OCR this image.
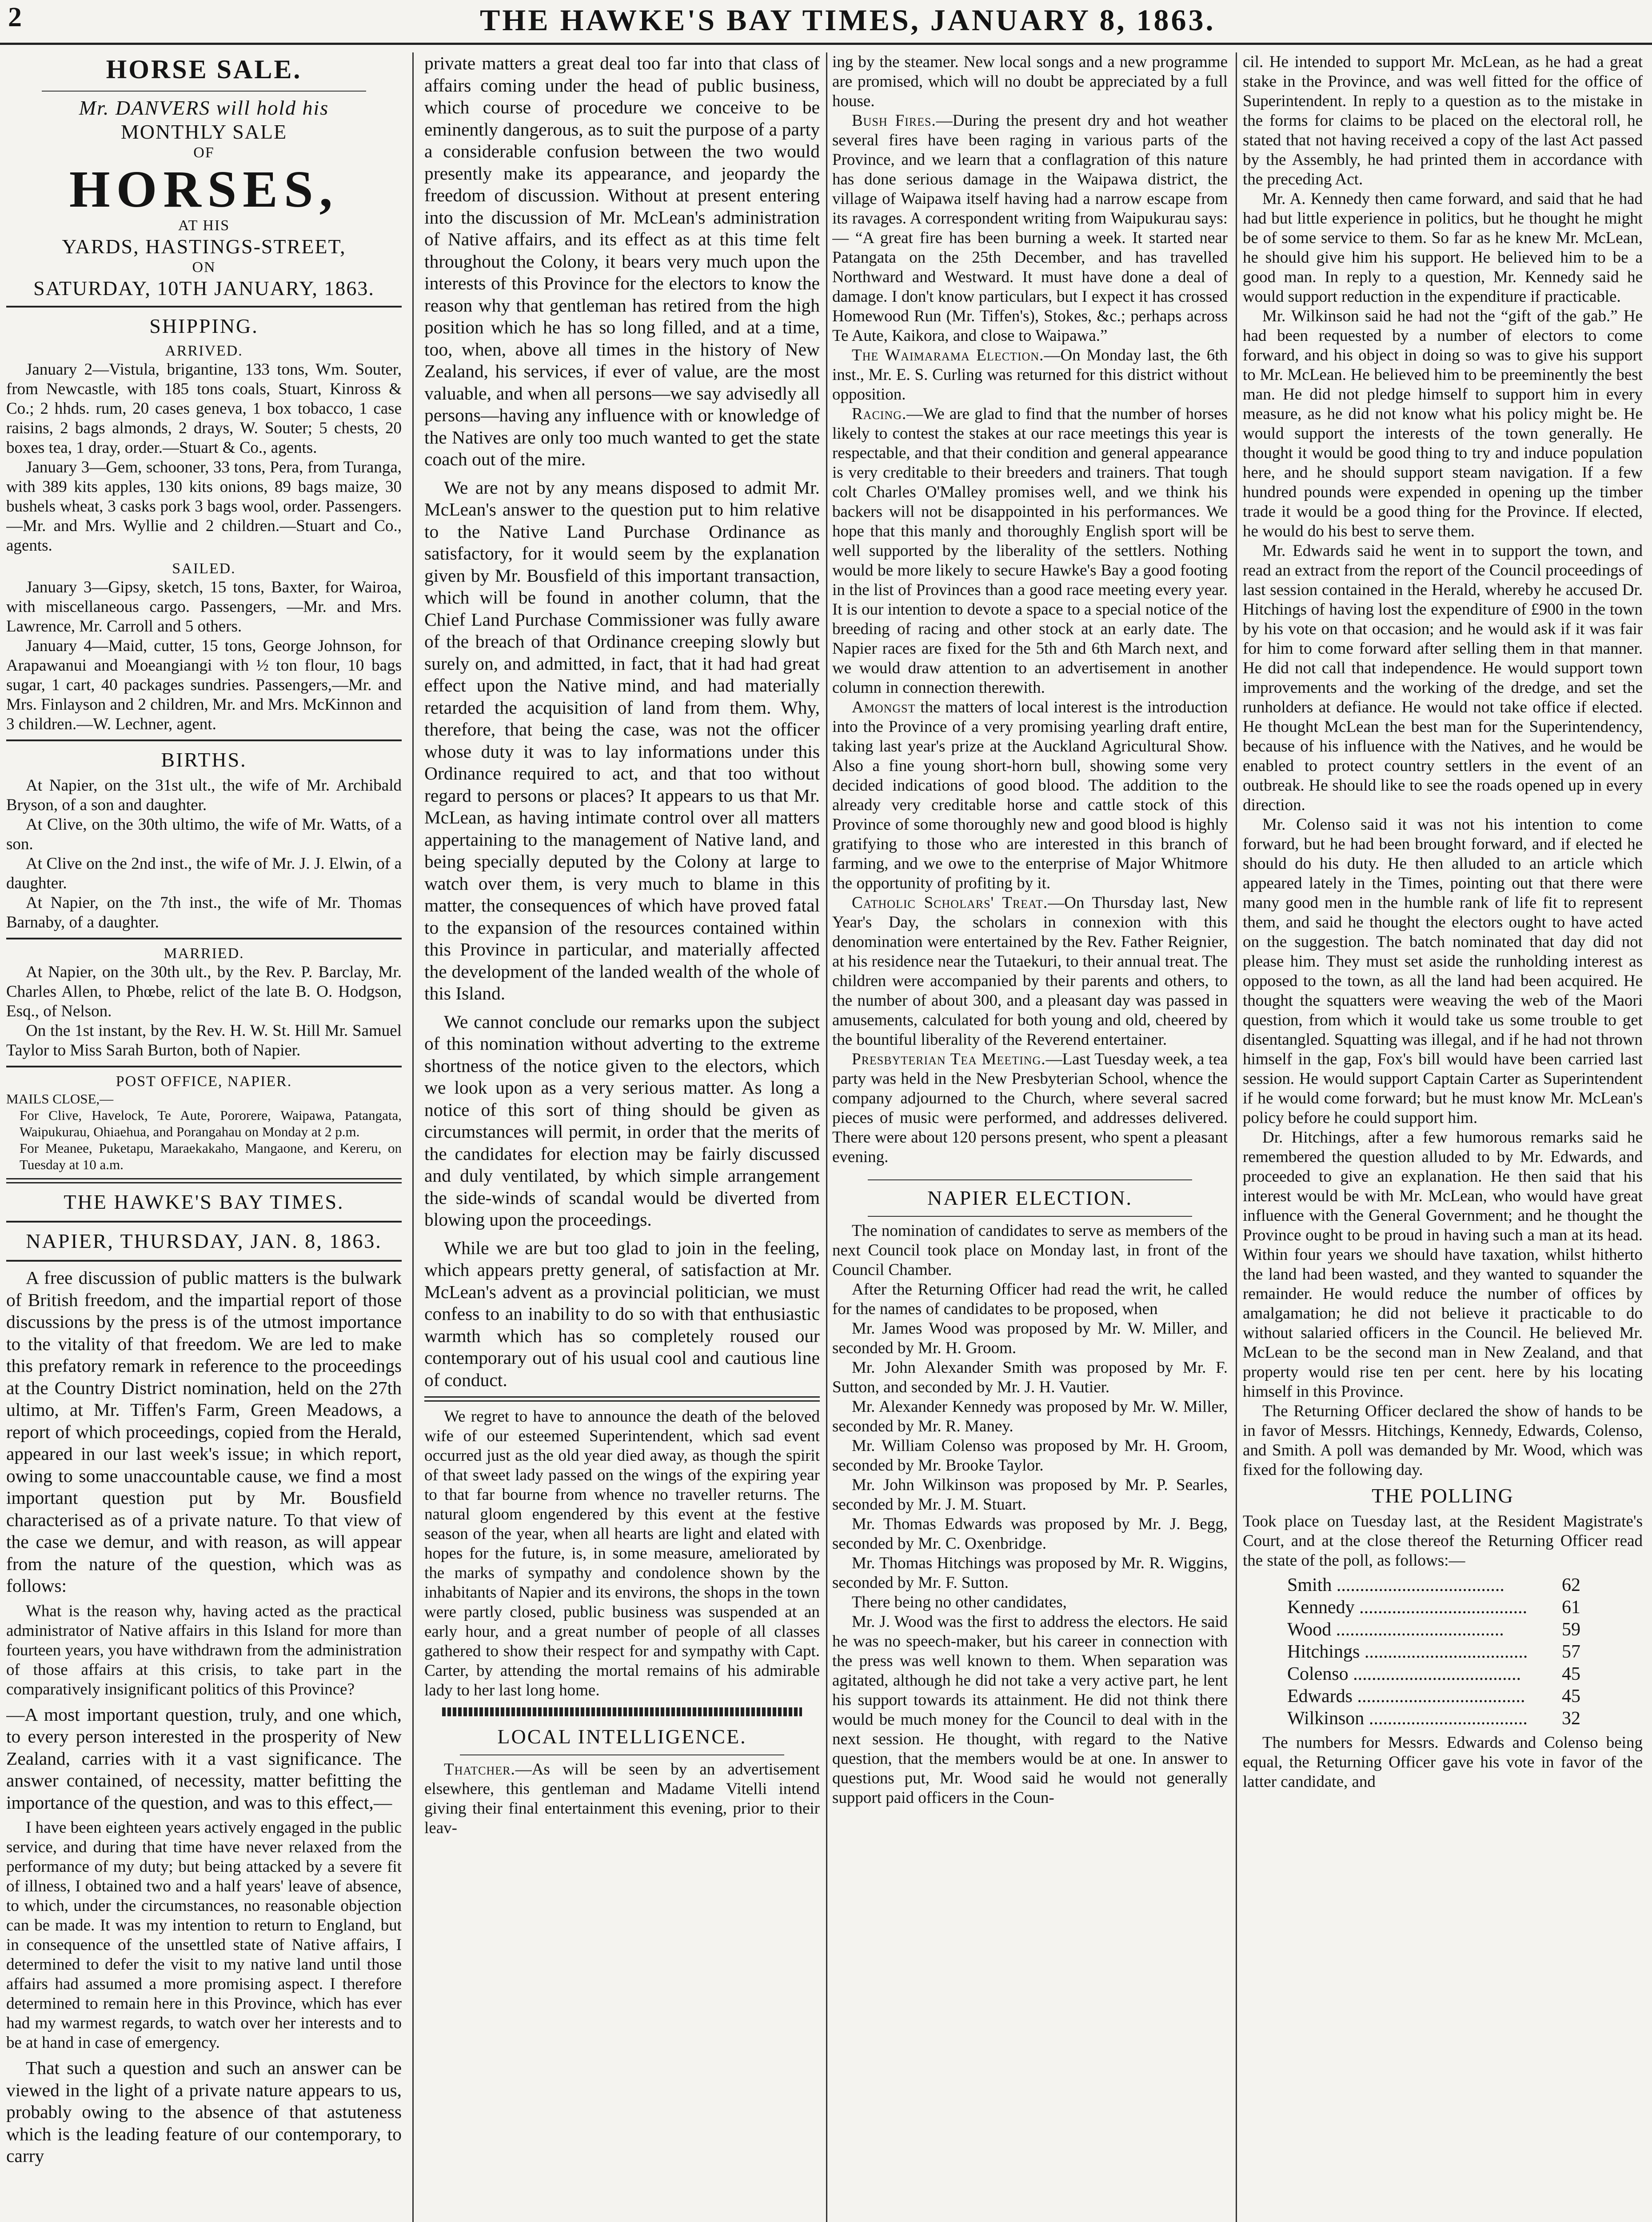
2	THE HAWKE'S BAY TIMES, JANUARY 8, 1863.
HORSE SALE.
Mr. DANVERS will hold his
MONTHLY SALE
OF
HORSES,
AT HIS
YARDS, HASTINGS-STREET,
ON
SATURDAY, 10TH JANUARY, 1863.
SHIPPING.
ARRIVED.

January 2—Vistula, brigantine, 133 tons, Wm. Souter, from Newcastle, with 185 tons coals, Stuart, Kinross & Co.; 2 hhds. rum, 20 cases geneva, 1 box tobacco, 1 case raisins, 2 bags almonds, 2 drays, W. Souter; 5 chests, 20 boxes tea, 1 dray, order.—Stuart & Co., agents.

January 3—Gem, schooner, 33 tons, Pera, from Turanga, with 389 kits apples, 130 kits onions, 89 bags maize, 30 bushels wheat, 3 casks pork 3 bags wool, order. Passengers.—Mr. and Mrs. Wyllie and 2 children.—Stuart and Co., agents.

SAILED.

January 3—Gipsy, sketch, 15 tons, Baxter, for Wairoa, with miscellaneous cargo. Passengers, —Mr. and Mrs. Lawrence, Mr. Carroll and 5 others.

January 4—Maid, cutter, 15 tons, George Johnson, for Arapawanui and Moeangiangi with ½ ton flour, 10 bags sugar, 1 cart, 40 packages sundries. Passengers,—Mr. and Mrs. Finlayson and 2 children, Mr. and Mrs. McKinnon and 3 children.—W. Lechner, agent.

BIRTHS.

At Napier, on the 31st ult., the wife of Mr. Archibald Bryson, of a son and daughter.

At Clive, on the 30th ultimo, the wife of Mr. Watts, of a son.

At Clive on the 2nd inst., the wife of Mr. J. J. Elwin, of a daughter.

At Napier, on the 7th inst., the wife of Mr. Thomas Barnaby, of a daughter.

MARRIED.

At Napier, on the 30th ult., by the Rev. P. Barclay, Mr. Charles Allen, to Phœbe, relict of the late B. O. Hodgson, Esq., of Nelson.

On the 1st instant, by the Rev. H. W. St. Hill Mr. Samuel Taylor to Miss Sarah Burton, both of Napier.

POST OFFICE, NAPIER.
MAILS CLOSE,—
For Clive, Havelock, Te Aute, Pororere, Waipawa, Patangata, Waipukurau, Ohiaehua, and Porangahau on Monday at 2 p.m.
For Meanee, Puketapu, Maraekakaho, Mangaone, and Kereru, on Tuesday at 10 a.m.
THE HAWKE'S BAY TIMES.
NAPIER, THURSDAY, JAN. 8, 1863.

A free discussion of public matters is the bulwark of British freedom, and the impartial report of those discussions by the press is of the utmost importance to the vitality of that freedom. We are led to make this prefatory remark in reference to the proceedings at the Country District nomination, held on the 27th ultimo, at Mr. Tiffen's Farm, Green Meadows, a report of which proceedings, copied from the Herald, appeared in our last week's issue; in which report, owing to some unaccountable cause, we find a most important question put by Mr. Bousfield characterised as of a private nature. To that view of the case we demur, and with reason, as will appear from the nature of the question, which was as follows:

What is the reason why, having acted as the practical administrator of Native affairs in this Island for more than fourteen years, you have withdrawn from the administration of those affairs at this crisis, to take part in the comparatively insignificant politics of this Province?

—A most important question, truly, and one which, to every person interested in the prosperity of New Zealand, carries with it a vast significance. The answer contained, of necessity, matter befitting the importance of the question, and was to this effect,—

I have been eighteen years actively engaged in the public service, and during that time have never relaxed from the performance of my duty; but being attacked by a severe fit of illness, I obtained two and a half years' leave of absence, to which, under the circumstances, no reasonable objection can be made. It was my intention to return to England, but in consequence of the unsettled state of Native affairs, I determined to defer the visit to my native land until those affairs had assumed a more promising aspect. I therefore determined to remain here in this Province, which has ever had my warmest regards, to watch over her interests and to be at hand in case of emergency.

That such a question and such an answer can be viewed in the light of a private nature appears to us, probably owing to the absence of that astuteness which is the leading feature of our contemporary, to carry

private matters a great deal too far into that class of affairs coming under the head of public business, which course of procedure we conceive to be eminently dangerous, as to suit the purpose of a party a considerable confusion between the two would presently make its appearance, and jeopardy the freedom of discussion. Without at present entering into the discussion of Mr. McLean's administration of Native affairs, and its effect as at this time felt throughout the Colony, it bears very much upon the interests of this Province for the electors to know the reason why that gentleman has retired from the high position which he has so long filled, and at a time, too, when, above all times in the history of New Zealand, his services, if ever of value, are the most valuable, and when all persons—we say advisedly all persons—having any influence with or knowledge of the Natives are only too much wanted to get the state coach out of the mire.

We are not by any means disposed to admit Mr. McLean's answer to the question put to him relative to the Native Land Purchase Ordinance as satisfactory, for it would seem by the explanation given by Mr. Bousfield of this important transaction, which will be found in another column, that the Chief Land Purchase Commissioner was fully aware of the breach of that Ordinance creeping slowly but surely on, and admitted, in fact, that it had had great effect upon the Native mind, and had materially retarded the acquisition of land from them. Why, therefore, that being the case, was not the officer whose duty it was to lay informations under this Ordinance required to act, and that too without regard to persons or places? It appears to us that Mr. McLean, as having intimate control over all matters appertaining to the management of Native land, and being specially deputed by the Colony at large to watch over them, is very much to blame in this matter, the consequences of which have proved fatal to the expansion of the resources contained within this Province in particular, and materially affected the development of the landed wealth of the whole of this Island.

We cannot conclude our remarks upon the subject of this nomination without adverting to the extreme shortness of the notice given to the electors, which we look upon as a very serious matter. As long a notice of this sort of thing should be given as circumstances will permit, in order that the merits of the candidates for election may be fairly discussed and duly ventilated, by which simple arrangement the side-winds of scandal would be diverted from blowing upon the proceedings.

While we are but too glad to join in the feeling, which appears pretty general, of satisfaction at Mr. McLean's advent as a provincial politician, we must confess to an inability to do so with that enthusiastic warmth which has so completely roused our contemporary out of his usual cool and cautious line of conduct.

We regret to have to announce the death of the beloved wife of our esteemed Superintendent, which sad event occurred just as the old year died away, as though the spirit of that sweet lady passed on the wings of the expiring year to that far bourne from whence no traveller returns. The natural gloom engendered by this event at the festive season of the year, when all hearts are light and elated with hopes for the future, is, in some measure, ameliorated by the marks of sympathy and condolence shown by the inhabitants of Napier and its environs, the shops in the town were partly closed, public business was suspended at an early hour, and a great number of people of all classes gathered to show their respect for and sympathy with Capt. Carter, by attending the mortal remains of his admirable lady to her last long home.

LOCAL INTELLIGENCE.

Thatcher.—As will be seen by an advertisement elsewhere, this gentleman and Madame Vitelli intend giving their final entertainment this evening, prior to their leav-

ing by the steamer. New local songs and a new programme are promised, which will no doubt be appreciated by a full house.

Bush Fires.—During the present dry and hot weather several fires have been raging in various parts of the Province, and we learn that a conflagration of this nature has done serious damage in the Waipawa district, the village of Waipawa itself having had a narrow escape from its ravages. A correspondent writing from Waipukurau says:— “A great fire has been burning a week. It started near Patangata on the 25th December, and has travelled Northward and Westward. It must have done a deal of damage. I don't know particulars, but I expect it has crossed Homewood Run (Mr. Tiffen's), Stokes, &c.; perhaps across Te Aute, Kaikora, and close to Waipawa.”

The Waimarama Election.—On Monday last, the 6th inst., Mr. E. S. Curling was returned for this district without opposition.

Racing.—We are glad to find that the number of horses likely to contest the stakes at our race meetings this year is respectable, and that their condition and general appearance is very creditable to their breeders and trainers. That tough colt Charles O'Malley promises well, and we think his backers will not be disappointed in his performances. We hope that this manly and thoroughly English sport will be well supported by the liberality of the settlers. Nothing would be more likely to secure Hawke's Bay a good footing in the list of Provinces than a good race meeting every year. It is our intention to devote a space to a special notice of the breeding of racing and other stock at an early date. The Napier races are fixed for the 5th and 6th March next, and we would draw attention to an advertisement in another column in connection therewith.

Amongst the matters of local interest is the introduction into the Province of a very promising yearling draft entire, taking last year's prize at the Auckland Agricultural Show. Also a fine young short-horn bull, showing some very decided indications of good blood. The addition to the already very creditable horse and cattle stock of this Province of some thoroughly new and good blood is highly gratifying to those who are interested in this branch of farming, and we owe to the enterprise of Major Whitmore the opportunity of profiting by it.

Catholic Scholars' Treat.—On Thursday last, New Year's Day, the scholars in connexion with this denomination were entertained by the Rev. Father Reignier, at his residence near the Tutaekuri, to their annual treat. The children were accompanied by their parents and others, to the number of about 300, and a pleasant day was passed in amusements, calculated for both young and old, cheered by the bountiful liberality of the Reverend entertainer.

Presbyterian Tea Meeting.—Last Tuesday week, a tea party was held in the New Presbyterian School, whence the company adjourned to the Church, where several sacred pieces of music were performed, and addresses delivered. There were about 120 persons present, who spent a pleasant evening.

NAPIER ELECTION.

The nomination of candidates to serve as members of the next Council took place on Monday last, in front of the Council Chamber.

After the Returning Officer had read the writ, he called for the names of candidates to be proposed, when

Mr. James Wood was proposed by Mr. W. Miller, and seconded by Mr. H. Groom.

Mr. John Alexander Smith was proposed by Mr. F. Sutton, and seconded by Mr. J. H. Vautier.

Mr. Alexander Kennedy was proposed by Mr. W. Miller, seconded by Mr. R. Maney.

Mr. William Colenso was proposed by Mr. H. Groom, seconded by Mr. Brooke Taylor.

Mr. John Wilkinson was proposed by Mr. P. Searles, seconded by Mr. J. M. Stuart.

Mr. Thomas Edwards was proposed by Mr. J. Begg, seconded by Mr. C. Oxenbridge.

Mr. Thomas Hitchings was proposed by Mr. R. Wiggins, seconded by Mr. F. Sutton.

There being no other candidates,

Mr. J. Wood was the first to address the electors. He said he was no speech-maker, but his career in connection with the press was well known to them. When separation was agitated, although he did not take a very active part, he lent his support towards its attainment. He did not think there would be much money for the Council to deal with in the next session. He thought, with regard to the Native question, that the members would be at one. In answer to questions put, Mr. Wood said he would not generally support paid officers in the Coun-

cil. He intended to support Mr. McLean, as he had a great stake in the Province, and was well fitted for the office of Superintendent. In reply to a question as to the mistake in the forms for claims to be placed on the electoral roll, he stated that not having received a copy of the last Act passed by the Assembly, he had printed them in accordance with the preceding Act.

Mr. A. Kennedy then came forward, and said that he had had but little experience in politics, but he thought he might be of some service to them. So far as he knew Mr. McLean, he should give him his support. He believed him to be a good man. In reply to a question, Mr. Kennedy said he would support reduction in the expenditure if practicable.

Mr. Wilkinson said he had not the “gift of the gab.” He had been requested by a number of electors to come forward, and his object in doing so was to give his support to Mr. McLean. He believed him to be preeminently the best man. He did not pledge himself to support him in every measure, as he did not know what his policy might be. He would support the interests of the town generally. He thought it would be good thing to try and induce population here, and he should support steam navigation. If a few hundred pounds were expended in opening up the timber trade it would be a good thing for the Province. If elected, he would do his best to serve them.

Mr. Edwards said he went in to support the town, and read an extract from the report of the Council proceedings of last session contained in the Herald, whereby he accused Dr. Hitchings of having lost the expenditure of £900 in the town by his vote on that occasion; and he would ask if it was fair for him to come forward after selling them in that manner. He did not call that independence. He would support town improvements and the working of the dredge, and set the runholders at defiance. He would not take office if elected. He thought McLean the best man for the Superintendency, because of his influence with the Natives, and he would be enabled to protect country settlers in the event of an outbreak. He should like to see the roads opened up in every direction.

Mr. Colenso said it was not his intention to come forward, but he had been brought forward, and if elected he should do his duty. He then alluded to an article which appeared lately in the Times, pointing out that there were many good men in the humble rank of life fit to represent them, and said he thought the electors ought to have acted on the suggestion. The batch nominated that day did not please him. They must set aside the runholding interest as opposed to the town, as all the land had been acquired. He thought the squatters were weaving the web of the Maori question, from which it would take us some trouble to get disentangled. Squatting was illegal, and if he had not thrown himself in the gap, Fox's bill would have been carried last session. He would support Captain Carter as Superintendent if he would come forward; but he must know Mr. McLean's policy before he could support him.

Dr. Hitchings, after a few humorous remarks said he remembered the question alluded to by Mr. Edwards, and proceeded to give an explanation. He then said that his interest would be with Mr. McLean, who would have great influence with the General Government; and he thought the Province ought to be proud in having such a man at its head. Within four years we should have taxation, whilst hitherto the land had been wasted, and they wanted to squander the remainder. He would reduce the number of offices by amalgamation; he did not believe it practicable to do without salaried officers in the Council. He believed Mr. McLean to be the second man in New Zealand, and that property would rise ten per cent. here by his locating himself in this Province.

The Returning Officer declared the show of hands to be in favor of Messrs. Hitchings, Kennedy, Edwards, Colenso, and Smith. A poll was demanded by Mr. Wood, which was fixed for the following day.

THE POLLING

Took place on Tuesday last, at the Resident Magistrate's Court, and at the close thereof the Returning Officer read the state of the poll, as follows:—

Smith .....	62
Kennedy .....	61
Wood .....	59
Hitchings .....	57
Colenso .....	45
Edwards .....	45
Wilkinson .....	32

The numbers for Messrs. Edwards and Colenso being equal, the Returning Officer gave his vote in favor of the latter candidate, and
